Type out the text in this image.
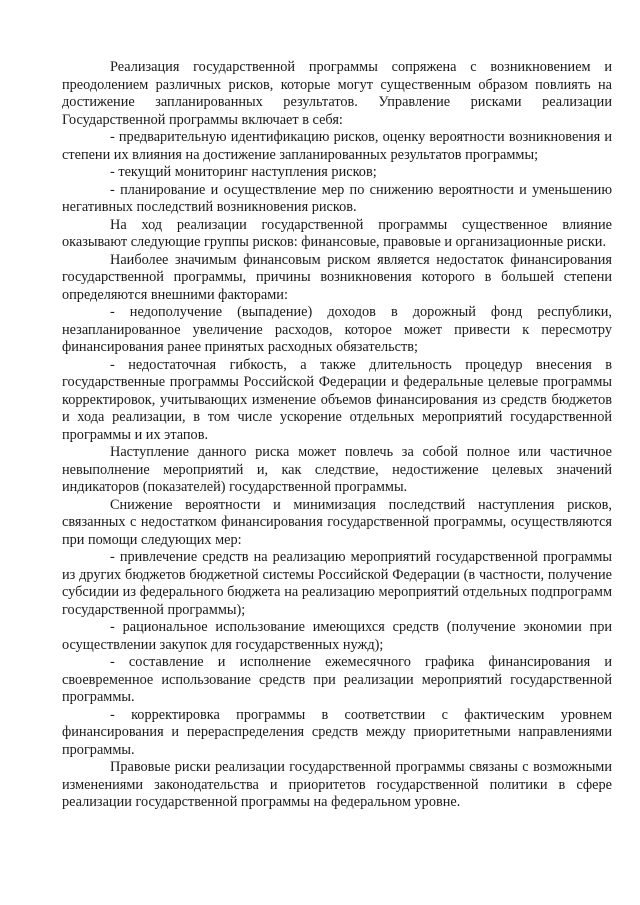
Реализация государственной программы сопряжена с возникновением и преодолением различных рисков, которые могут существенным образом повлиять на достижение запланированных результатов. Управление рисками реализации Государственной программы включает в себя:

- предварительную идентификацию рисков, оценку вероятности возникновения и степени их влияния на достижение запланированных результатов программы;

- текущий мониторинг наступления рисков;

- планирование и осуществление мер по снижению вероятности и уменьшению негативных последствий возникновения рисков.

На ход реализации государственной программы существенное влияние оказывают следующие группы рисков: финансовые, правовые и организационные риски.

Наиболее значимым финансовым риском является недостаток финансирования государственной программы, причины возникновения которого в большей степени определяются внешними факторами:

- недополучение (выпадение) доходов в дорожный фонд республики, незапланированное увеличение расходов, которое может привести к пересмотру финансирования ранее принятых расходных обязательств;

- недостаточная гибкость, а также длительность процедур внесения в государственные программы Российской Федерации и федеральные целевые программы корректировок, учитывающих изменение объемов финансирования из средств бюджетов и хода реализации, в том числе ускорение отдельных мероприятий государственной программы и их этапов.

Наступление данного риска может повлечь за собой полное или частичное невыполнение мероприятий и, как следствие, недостижение целевых значений индикаторов (показателей) государственной программы.

Снижение вероятности и минимизация последствий наступления рисков, связанных с недостатком финансирования государственной программы, осуществляются при помощи следующих мер:

- привлечение средств на реализацию мероприятий государственной программы из других бюджетов бюджетной системы Российской Федерации (в частности, получение субсидии из федерального бюджета на реализацию мероприятий отдельных подпрограмм государственной программы);

- рациональное использование имеющихся средств (получение экономии при осуществлении закупок для государственных нужд);

- составление и исполнение ежемесячного графика финансирования и своевременное использование средств при реализации мероприятий государственной программы.

- корректировка программы в соответствии с фактическим уровнем финансирования и перераспределения средств между приоритетными направлениями программы.

Правовые риски реализации государственной программы связаны с возможными изменениями законодательства и приоритетов государственной политики в сфере реализации государственной программы на федеральном уровне.
